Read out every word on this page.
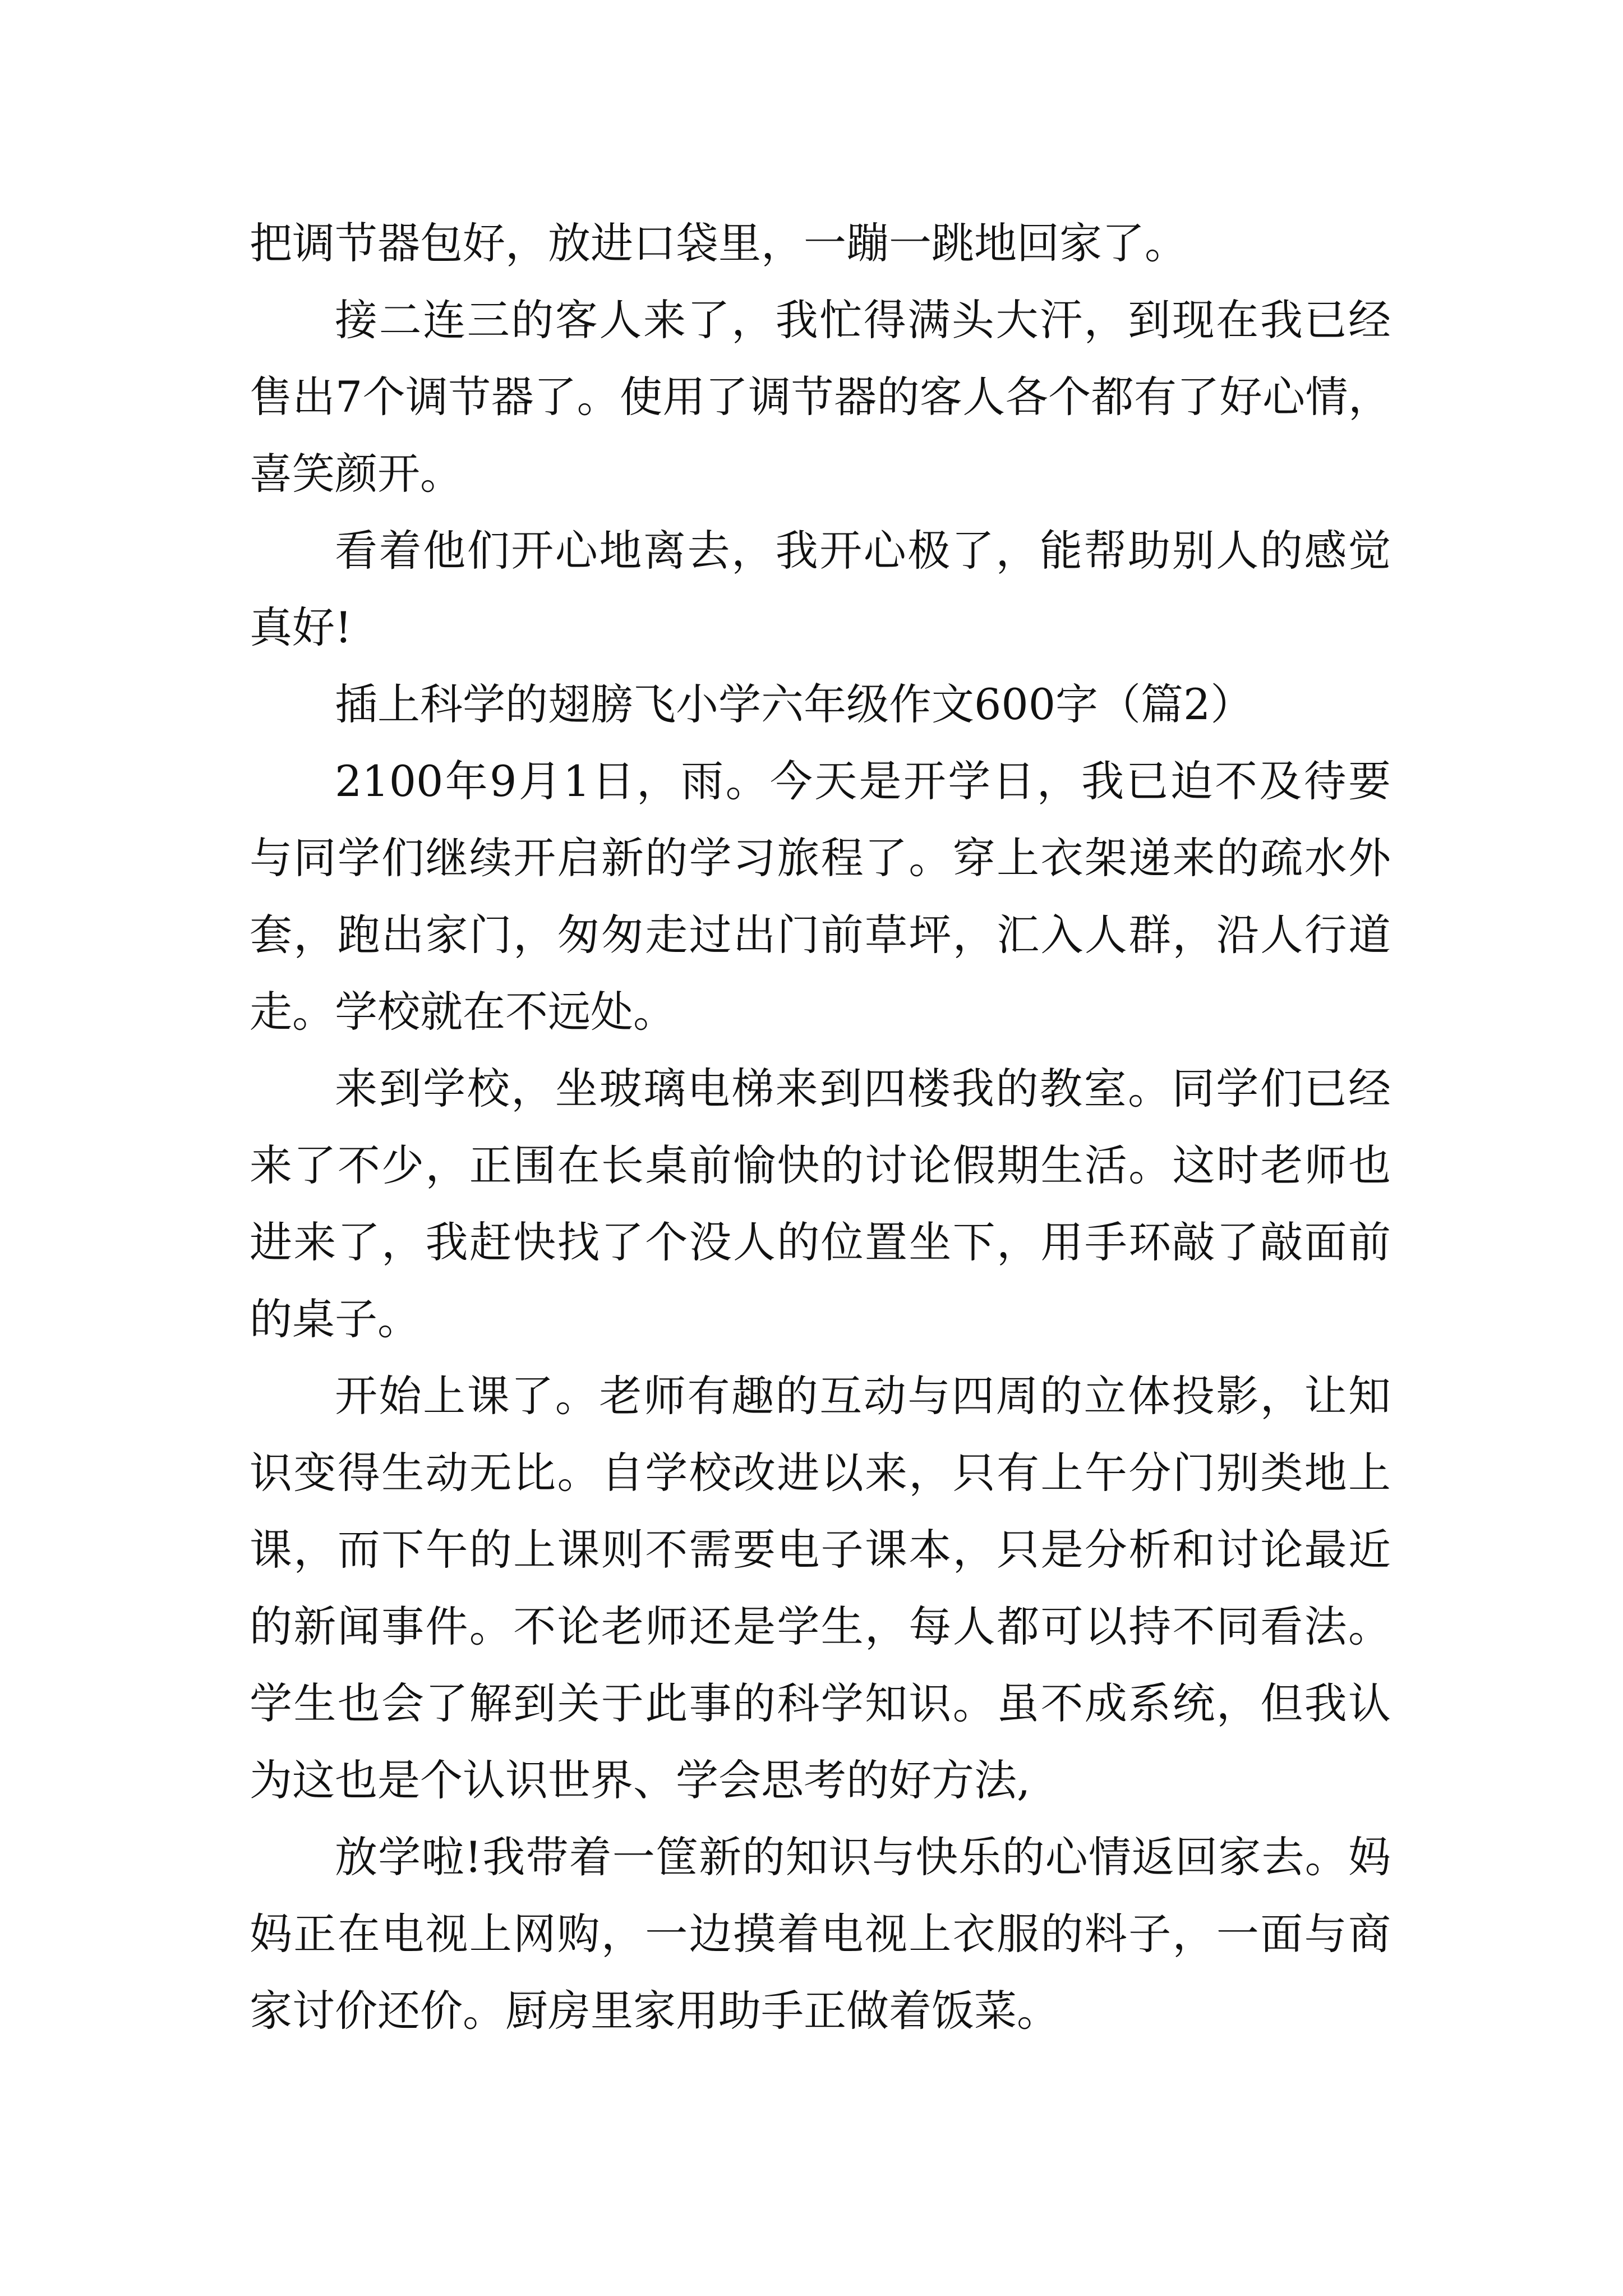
把调节器包好，放进口袋里，一蹦一跳地回家了。

接二连三的客人来了，我忙得满头大汗，到现在我已经售出7个调节器了。使用了调节器的客人各个都有了好心情，喜笑颜开。

看着他们开心地离去，我开心极了，能帮助别人的感觉真好!

插上科学的翅膀飞小学六年级作文600字（篇2）

2100年9月1日，雨。今天是开学日，我已迫不及待要与同学们继续开启新的学习旅程了。穿上衣架递来的疏水外套，跑出家门，匆匆走过出门前草坪，汇入人群，沿人行道走。学校就在不远处。

来到学校，坐玻璃电梯来到四楼我的教室。同学们已经来了不少，正围在长桌前愉快的讨论假期生活。这时老师也进来了，我赶快找了个没人的位置坐下，用手环敲了敲面前的桌子。

开始上课了。老师有趣的互动与四周的立体投影，让知识变得生动无比。自学校改进以来，只有上午分门别类地上课，而下午的上课则不需要电子课本，只是分析和讨论最近的新闻事件。不论老师还是学生，每人都可以持不同看法。学生也会了解到关于此事的科学知识。虽不成系统，但我认为这也是个认识世界、学会思考的好方法,

放学啦!我带着一筐新的知识与快乐的心情返回家去。妈妈正在电视上网购，一边摸着电视上衣服的料子，一面与商家讨价还价。厨房里家用助手正做着饭菜。
